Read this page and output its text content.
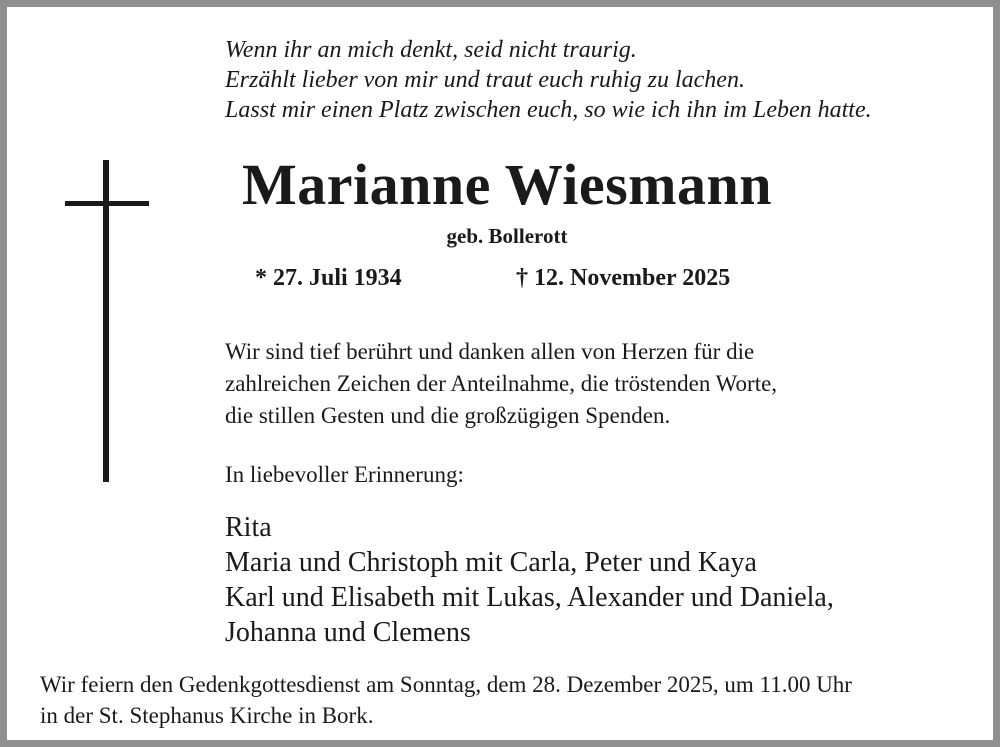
Wenn ihr an mich denkt, seid nicht traurig.
Erzählt lieber von mir und traut euch ruhig zu lachen.
Lasst mir einen Platz zwischen euch, so wie ich ihn im Leben hatte.
Marianne Wiesmann
geb. Bollerott
* 27. Juli 1934	† 12. November 2025
Wir sind tief berührt und danken allen von Herzen für die
zahlreichen Zeichen der Anteilnahme, die tröstenden Worte,
die stillen Gesten und die großzügigen Spenden.
In liebevoller Erinnerung:
Rita
Maria und Christoph mit Carla, Peter und Kaya
Karl und Elisabeth mit Lukas, Alexander und Daniela,
Johanna und Clemens
Wir feiern den Gedenkgottesdienst am Sonntag, dem 28. Dezember 2025, um 11.00 Uhr
in der St. Stephanus Kirche in Bork.
